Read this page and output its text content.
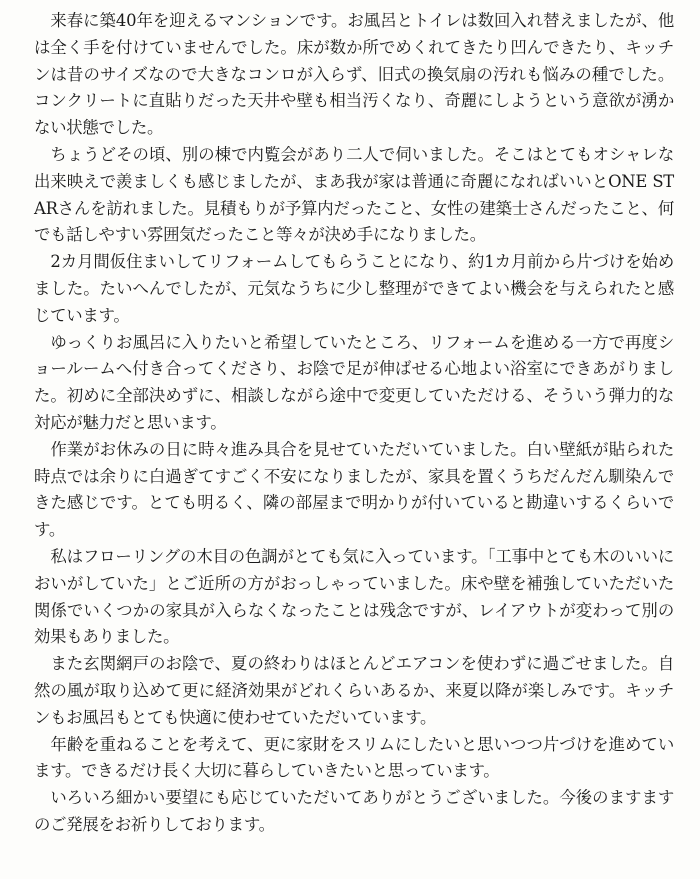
来春に築40年を迎えるマンションです。お風呂とトイレは数回入れ替えましたが、他は全く手を付けていませんでした。床が数か所でめくれてきたり凹んできたり、キッチンは昔のサイズなので大きなコンロが入らず、旧式の換気扇の汚れも悩みの種でした。コンクリートに直貼りだった天井や壁も相当汚くなり、奇麗にしようという意欲が湧かない状態でした。

ちょうどその頃、別の棟で内覧会があり二人で伺いました。そこはとてもオシャレな出来映えで羨ましくも感じましたが、まあ我が家は普通に奇麗になればいいとONE STARさんを訪れました。見積もりが予算内だったこと、女性の建築士さんだったこと、何でも話しやすい雰囲気だったこと等々が決め手になりました。

2カ月間仮住まいしてリフォームしてもらうことになり、約1カ月前から片づけを始めました。たいへんでしたが、元気なうちに少し整理ができてよい機会を与えられたと感じています。

ゆっくりお風呂に入りたいと希望していたところ、リフォームを進める一方で再度ショールームへ付き合ってくださり、お陰で足が伸ばせる心地よい浴室にできあがりました。初めに全部決めずに、相談しながら途中で変更していただける、そういう弾力的な対応が魅力だと思います。

作業がお休みの日に時々進み具合を見せていただいていました。白い壁紙が貼られた時点では余りに白過ぎてすごく不安になりましたが、家具を置くうちだんだん馴染んできた感じです。とても明るく、隣の部屋まで明かりが付いていると勘違いするくらいです。

私はフローリングの木目の色調がとても気に入っています。「工事中とても木のいいにおいがしていた」とご近所の方がおっしゃっていました。床や壁を補強していただいた関係でいくつかの家具が入らなくなったことは残念ですが、レイアウトが変わって別の効果もありました。

また玄関網戸のお陰で、夏の終わりはほとんどエアコンを使わずに過ごせました。自然の風が取り込めて更に経済効果がどれくらいあるか、来夏以降が楽しみです。キッチンもお風呂もとても快適に使わせていただいています。

年齢を重ねることを考えて、更に家財をスリムにしたいと思いつつ片づけを進めています。できるだけ長く大切に暮らしていきたいと思っています。

いろいろ細かい要望にも応じていただいてありがとうございました。今後のますますのご発展をお祈りしております。
